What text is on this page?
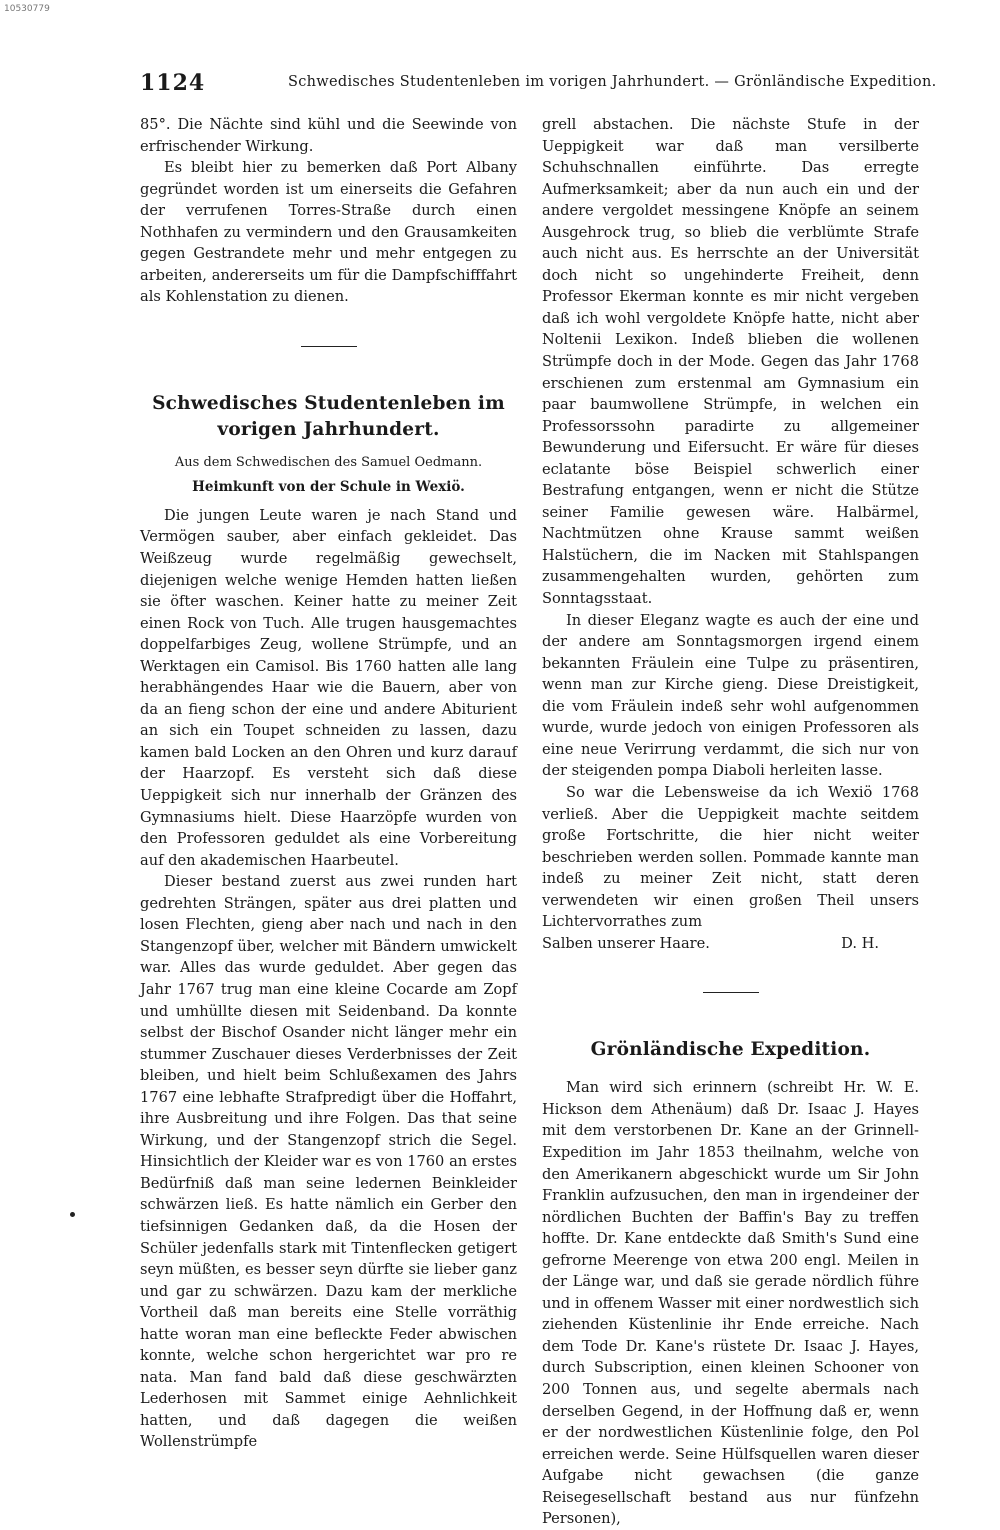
10530779
1124	Schwedisches Studentenleben im vorigen Jahrhundert. — Grönländische Expedition.

85°. Die Nächte sind kühl und die Seewinde von erfrischender Wirkung.

Es bleibt hier zu bemerken daß Port Albany gegründet worden ist um einerseits die Gefahren der verrufenen Torres-Straße durch einen Nothhafen zu vermindern und den Grausamkeiten gegen Gestrandete mehr und mehr entgegen zu arbeiten, andererseits um für die Dampfschifffahrt als Kohlenstation zu dienen.

Schwedisches Studentenleben im vorigen Jahrhundert.

Aus dem Schwedischen des Samuel Oedmann.

Heimkunft von der Schule in Wexiö.

Die jungen Leute waren je nach Stand und Vermögen sauber, aber einfach gekleidet. Das Weißzeug wurde regelmäßig gewechselt, diejenigen welche wenige Hemden hatten ließen sie öfter waschen. Keiner hatte zu meiner Zeit einen Rock von Tuch. Alle trugen hausgemachtes doppelfarbiges Zeug, wollene Strümpfe, und an Werktagen ein Camisol. Bis 1760 hatten alle lang herabhängendes Haar wie die Bauern, aber von da an fieng schon der eine und andere Abiturient an sich ein Toupet schneiden zu lassen, dazu kamen bald Locken an den Ohren und kurz darauf der Haarzopf. Es versteht sich daß diese Ueppigkeit sich nur innerhalb der Gränzen des Gymnasiums hielt. Diese Haarzöpfe wurden von den Professoren geduldet als eine Vorbereitung auf den akademischen Haarbeutel.

Dieser bestand zuerst aus zwei runden hart gedrehten Strängen, später aus drei platten und losen Flechten, gieng aber nach und nach in den Stangenzopf über, welcher mit Bändern umwickelt war. Alles das wurde geduldet. Aber gegen das Jahr 1767 trug man eine kleine Cocarde am Zopf und umhüllte diesen mit Seidenband. Da konnte selbst der Bischof Osander nicht länger mehr ein stummer Zuschauer dieses Verderbnisses der Zeit bleiben, und hielt beim Schlußexamen des Jahrs 1767 eine lebhafte Strafpredigt über die Hoffahrt, ihre Ausbreitung und ihre Folgen. Das that seine Wirkung, und der Stangenzopf strich die Segel. Hinsichtlich der Kleider war es von 1760 an erstes Bedürfniß daß man seine ledernen Beinkleider schwärzen ließ. Es hatte nämlich ein Gerber den tiefsinnigen Gedanken daß, da die Hosen der Schüler jedenfalls stark mit Tintenflecken getigert seyn müßten, es besser seyn dürfte sie lieber ganz und gar zu schwärzen. Dazu kam der merkliche Vortheil daß man bereits eine Stelle vorräthig hatte woran man eine befleckte Feder abwischen konnte, welche schon hergerichtet war pro re nata. Man fand bald daß diese geschwärzten Lederhosen mit Sammet einige Aehnlichkeit hatten, und daß dagegen die weißen Wollenstrümpfe

grell abstachen. Die nächste Stufe in der Ueppigkeit war daß man versilberte Schuhschnallen einführte. Das erregte Aufmerksamkeit; aber da nun auch ein und der andere vergoldet messingene Knöpfe an seinem Ausgehrock trug, so blieb die verblümte Strafe auch nicht aus. Es herrschte an der Universität doch nicht so ungehinderte Freiheit, denn Professor Ekerman konnte es mir nicht vergeben daß ich wohl vergoldete Knöpfe hatte, nicht aber Noltenii Lexikon. Indeß blieben die wollenen Strümpfe doch in der Mode. Gegen das Jahr 1768 erschienen zum erstenmal am Gymnasium ein paar baumwollene Strümpfe, in welchen ein Professorssohn paradirte zu allgemeiner Bewunderung und Eifersucht. Er wäre für dieses eclatante böse Beispiel schwerlich einer Bestrafung entgangen, wenn er nicht die Stütze seiner Familie gewesen wäre. Halbärmel, Nachtmützen ohne Krause sammt weißen Halstüchern, die im Nacken mit Stahlspangen zusammengehalten wurden, gehörten zum Sonntagsstaat.

In dieser Eleganz wagte es auch der eine und der andere am Sonntagsmorgen irgend einem bekannten Fräulein eine Tulpe zu präsentiren, wenn man zur Kirche gieng. Diese Dreistigkeit, die vom Fräulein indeß sehr wohl aufgenommen wurde, wurde jedoch von einigen Professoren als eine neue Verirrung verdammt, die sich nur von der steigenden pompa Diaboli herleiten lasse.

So war die Lebensweise da ich Wexiö 1768 verließ. Aber die Ueppigkeit machte seitdem große Fortschritte, die hier nicht weiter beschrieben werden sollen. Pommade kannte man indeß zu meiner Zeit nicht, statt deren verwendeten wir einen großen Theil unsers Lichtervorrathes zum

Salben unserer Haare.	D. H.

Grönländische Expedition.

Man wird sich erinnern (schreibt Hr. W. E. Hickson dem Athenäum) daß Dr. Isaac J. Hayes mit dem verstorbenen Dr. Kane an der Grinnell-Expedition im Jahr 1853 theilnahm, welche von den Amerikanern abgeschickt wurde um Sir John Franklin aufzusuchen, den man in irgendeiner der nördlichen Buchten der Baffin's Bay zu treffen hoffte. Dr. Kane entdeckte daß Smith's Sund eine gefrorne Meerenge von etwa 200 engl. Meilen in der Länge war, und daß sie gerade nördlich führe und in offenem Wasser mit einer nordwestlich sich ziehenden Küstenlinie ihr Ende erreiche. Nach dem Tode Dr. Kane's rüstete Dr. Isaac J. Hayes, durch Subscription, einen kleinen Schooner von 200 Tonnen aus, und segelte abermals nach derselben Gegend, in der Hoffnung daß er, wenn er der nordwestlichen Küstenlinie folge, den Pol erreichen werde. Seine Hülfsquellen waren dieser Aufgabe nicht gewachsen (die ganze Reisegesellschaft bestand aus nur fünfzehn Personen),
